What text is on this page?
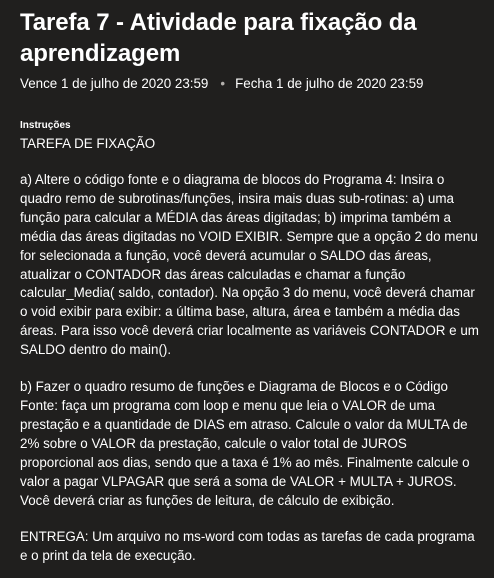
Tarefa 7 - Atividade para fixação da aprendizagem
Vence 1 de julho de 2020 23:59 • Fecha 1 de julho de 2020 23:59
Instruções
TAREFA DE FIXAÇÃO
a) Altere o código fonte e o diagrama de blocos do Programa 4: Insira o quadro remo de subrotinas/funções, insira mais duas sub-rotinas: a) uma função para calcular a MÉDIA das áreas digitadas; b) imprima também a média das áreas digitadas no VOID EXIBIR. Sempre que a opção 2 do menu for selecionada a função, você deverá acumular o SALDO das áreas, atualizar o CONTADOR das áreas calculadas e chamar a função calcular_Media( saldo, contador). Na opção 3 do menu, você deverá chamar o void exibir para exibir: a última base, altura, área e também a média das áreas. Para isso você deverá criar localmente as variáveis CONTADOR e um SALDO dentro do main().
b) Fazer o quadro resumo de funções e Diagrama de Blocos e o Código Fonte: faça um programa com loop e menu que leia o VALOR de uma prestação e a quantidade de DIAS em atraso. Calcule o valor da MULTA de 2% sobre o VALOR da prestação, calcule o valor total de JUROS proporcional aos dias, sendo que a taxa é 1% ao mês. Finalmente calcule o valor a pagar VLPAGAR que será a soma de VALOR + MULTA + JUROS. Você deverá criar as funções de leitura, de cálculo de exibição.
ENTREGA: Um arquivo no ms-word com todas as tarefas de cada programa e o print da tela de execução.
